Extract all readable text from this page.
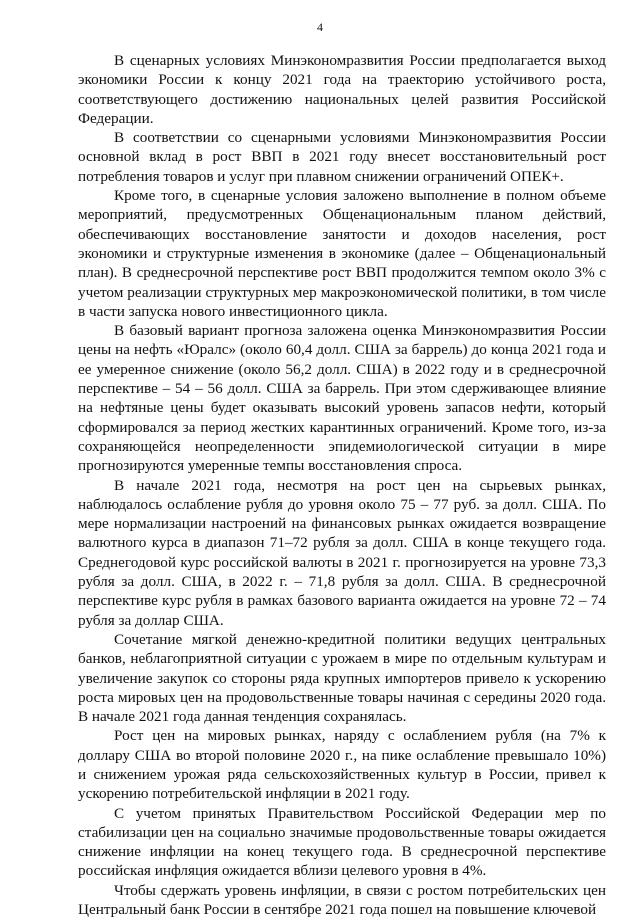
4

В сценарных условиях Минэкономразвития России предполагается выход экономики России к концу 2021 года на траекторию устойчивого роста, соответствующего достижению национальных целей развития Российской Федерации.

В соответствии со сценарными условиями Минэкономразвития России основной вклад в рост ВВП в 2021 году внесет восстановительный рост потребления товаров и услуг при плавном снижении ограничений ОПЕК+.

Кроме того, в сценарные условия заложено выполнение в полном объеме мероприятий, предусмотренных Общенациональным планом действий, обеспечивающих восстановление занятости и доходов населения, рост экономики и структурные изменения в экономике (далее – Общенациональный план). В среднесрочной перспективе рост ВВП продолжится темпом около 3% с учетом реализации структурных мер макроэкономической политики, в том числе в части запуска нового инвестиционного цикла.

В базовый вариант прогноза заложена оценка Минэкономразвития России цены на нефть «Юралс» (около 60,4 долл. США за баррель) до конца 2021 года и ее умеренное снижение (около 56,2 долл. США) в 2022 году и в среднесрочной перспективе – 54 – 56 долл. США за баррель. При этом сдерживающее влияние на нефтяные цены будет оказывать высокий уровень запасов нефти, который сформировался за период жестких карантинных ограничений. Кроме того, из-за сохраняющейся неопределенности эпидемиологической ситуации в мире прогнозируются умеренные темпы восстановления спроса.

В начале 2021 года, несмотря на рост цен на сырьевых рынках, наблюдалось ослабление рубля до уровня около 75 – 77 руб. за долл. США. По мере нормализации настроений на финансовых рынках ожидается возвращение валютного курса в диапазон 71–72 рубля за долл. США в конце текущего года. Среднегодовой курс российской валюты в 2021 г. прогнозируется на уровне 73,3 рубля за долл. США, в 2022 г. – 71,8 рубля за долл. США. В среднесрочной перспективе курс рубля в рамках базового варианта ожидается на уровне 72 – 74 рубля за доллар США.

Сочетание мягкой денежно-кредитной политики ведущих центральных банков, неблагоприятной ситуации с урожаем в мире по отдельным культурам и увеличение закупок со стороны ряда крупных импортеров привело к ускорению роста мировых цен на продовольственные товары начиная с середины 2020 года. В начале 2021 года данная тенденция сохранялась.

Рост цен на мировых рынках, наряду с ослаблением рубля (на 7% к доллару США во второй половине 2020 г., на пике ослабление превышало 10%) и снижением урожая ряда сельскохозяйственных культур в России, привел к ускорению потребительской инфляции в 2021 году.

С учетом принятых Правительством Российской Федерации мер по стабилизации цен на социально значимые продовольственные товары ожидается снижение инфляции на конец текущего года. В среднесрочной перспективе российская инфляция ожидается вблизи целевого уровня в 4%.

Чтобы сдержать уровень инфляции, в связи с ростом потребительских цен Центральный банк России в сентябре 2021 года пошел на повышение ключевой
